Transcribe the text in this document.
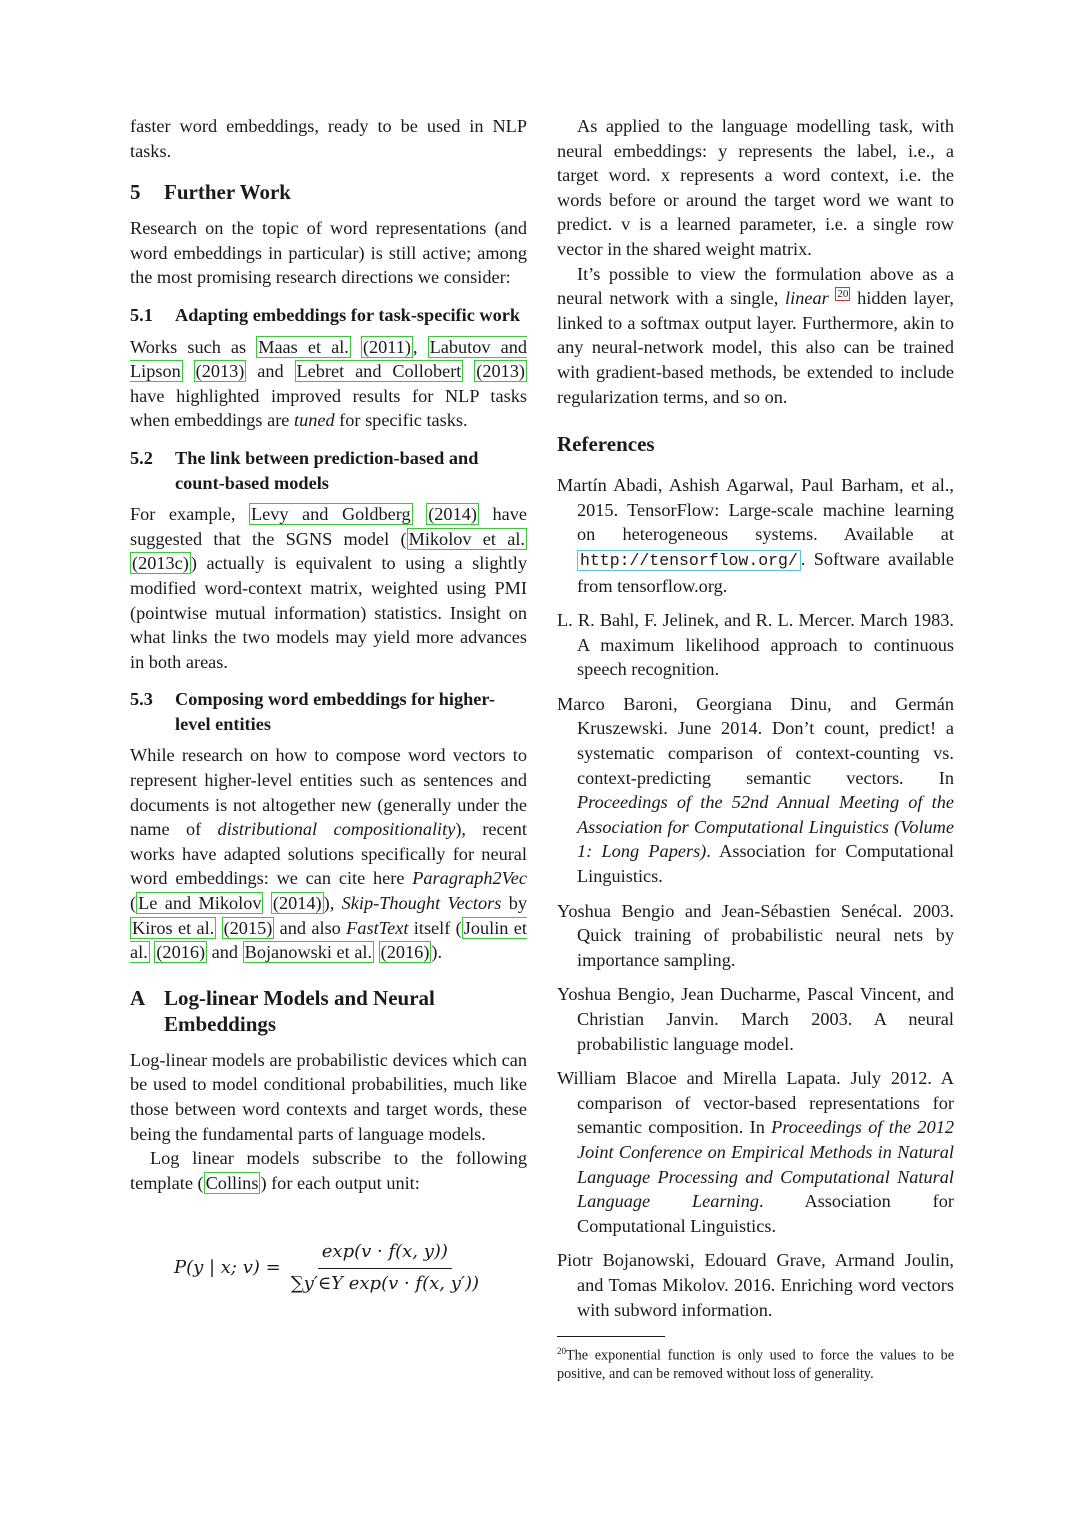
faster word embeddings, ready to be used in NLP tasks.

5	Further Work

Research on the topic of word representations (and word embeddings in particular) is still active; among the most promising research directions we consider:

5.1	Adapting embeddings for task-specific work

Works such as Maas et al. (2011) , Labutov and Lipson (2013) and Lebret and Collobert (2013) have highlighted improved results for NLP tasks when embeddings are tuned for specific tasks.

5.2	The link between prediction-based and count-based models

For example, Levy and Goldberg (2014) have suggested that the SGNS model ( Mikolov et al. (2013c) ) actually is equivalent to using a slightly modified word-context matrix, weighted using PMI (pointwise mutual information) statistics. Insight on what links the two models may yield more advances in both areas.

5.3	Composing word embeddings for higher-level entities

While research on how to compose word vectors to represent higher-level entities such as sentences and documents is not altogether new (generally under the name of distributional compositionality), recent works have adapted solutions specifically for neural word embeddings: we can cite here Paragraph2Vec ( Le and Mikolov (2014) ), Skip-Thought Vectors by Kiros et al. (2015) and also FastText itself ( Joulin et al. (2016) and Bojanowski et al. (2016) ).

A Log-linear Models and Neural Embeddings

Log-linear models are probabilistic devices which can be used to model conditional probabilities, much like those between word contexts and target words, these being the fundamental parts of language models.

Log linear models subscribe to the following template ( Collins ) for each output unit:

P(y | x; $v) = \frac{\exp(v \cdot f(x, y))}{\text{∑y′∈Y exp(v · f(x, y′))}}$

As applied to the language modelling task, with neural embeddings: y represents the label, i.e., a target word. x represents a word context, i.e. the words before or around the target word we want to predict. v is a learned parameter, i.e. a single row vector in the shared weight matrix.

It’s possible to view the formulation above as a neural network with a single, linear $^{20}$ hidden layer, linked to a softmax output layer. Furthermore, akin to any neural-network model, this also can be trained with gradient-based methods, be extended to include regularization terms, and so on.

References

Martín Abadi, Ashish Agarwal, Paul Barham, et al., 2015. TensorFlow: Large-scale machine learning on heterogeneous systems. Available at http://tensorflow.org/ . Software available from tensorflow.org.

L. R. Bahl, F. Jelinek, and R. L. Mercer. March 1983. A maximum likelihood approach to continuous speech recognition.

Marco Baroni, Georgiana Dinu, and Germán Kruszewski. June 2014. Don’t count, predict! a systematic comparison of context-counting vs. context-predicting semantic vectors. In Proceedings of the 52nd Annual Meeting of the Association for Computational Linguistics (Volume 1: Long Papers). Association for Computational Linguistics.

Yoshua Bengio and Jean-Sébastien Senécal. 2003. Quick training of probabilistic neural nets by importance sampling.

Yoshua Bengio, Jean Ducharme, Pascal Vincent, and Christian Janvin. March 2003. A neural probabilistic language model.

William Blacoe and Mirella Lapata. July 2012. A comparison of vector-based representations for semantic composition. In Proceedings of the 2012 Joint Conference on Empirical Methods in Natural Language Processing and Computational Natural Language Learning. Association for Computational Linguistics.

Piotr Bojanowski, Edouard Grave, Armand Joulin, and Tomas Mikolov. 2016. Enriching word vectors with subword information.

$^{20}$The exponential function is only used to force the values to be positive, and can be removed without loss of generality.
